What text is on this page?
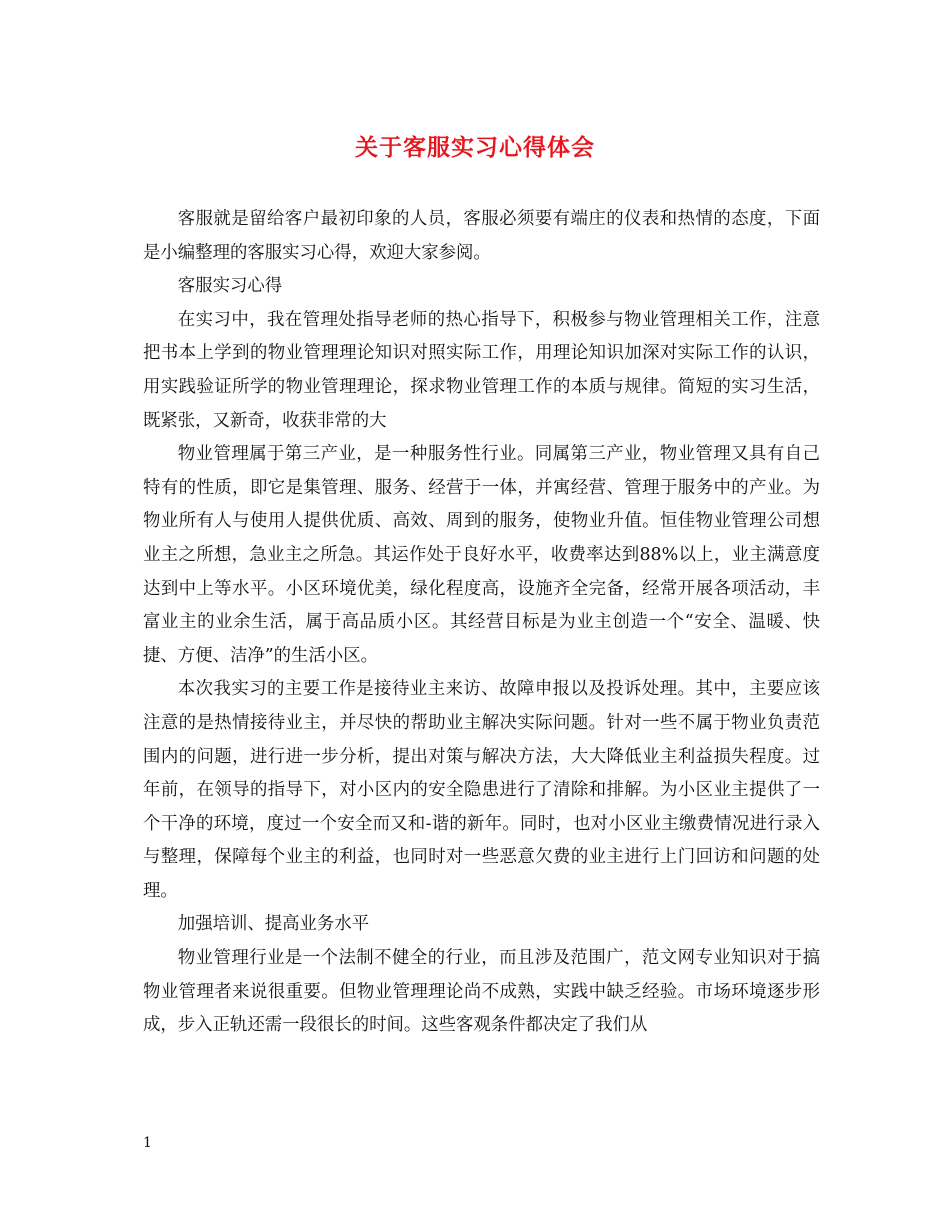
关于客服实习心得体会

客服就是留给客户最初印象的人员，客服必须要有端庄的仪表和热情的态度，下面是小编整理的客服实习心得，欢迎大家参阅。

客服实习心得

在实习中，我在管理处指导老师的热心指导下，积极参与物业管理相关工作，注意把书本上学到的物业管理理论知识对照实际工作，用理论知识加深对实际工作的认识，用实践验证所学的物业管理理论，探求物业管理工作的本质与规律。简短的实习生活，既紧张，又新奇，收获非常的大

物业管理属于第三产业，是一种服务性行业。同属第三产业，物业管理又具有自己特有的性质，即它是集管理、服务、经营于一体，并寓经营、管理于服务中的产业。为物业所有人与使用人提供优质、高效、周到的服务，使物业升值。恒佳物业管理公司想业主之所想，急业主之所急。其运作处于良好水平，收费率达到88%以上，业主满意度达到中上等水平。小区环境优美，绿化程度高，设施齐全完备，经常开展各项活动，丰富业主的业余生活，属于高品质小区。其经营目标是为业主创造一个“安全、温暖、快捷、方便、洁净”的生活小区。

本次我实习的主要工作是接待业主来访、故障申报以及投诉处理。其中，主要应该注意的是热情接待业主，并尽快的帮助业主解决实际问题。针对一些不属于物业负责范围内的问题，进行进一步分析，提出对策与解决方法，大大降低业主利益损失程度。过年前，在领导的指导下，对小区内的安全隐患进行了清除和排解。为小区业主提供了一个干净的环境，度过一个安全而又和-谐的新年。同时，也对小区业主缴费情况进行录入与整理，保障每个业主的利益，也同时对一些恶意欠费的业主进行上门回访和问题的处理。

加强培训、提高业务水平

物业管理行业是一个法制不健全的行业，而且涉及范围广，范文网专业知识对于搞物业管理者来说很重要。但物业管理理论尚不成熟，实践中缺乏经验。市场环境逐步形成，步入正轨还需一段很长的时间。这些客观条件都决定了我们从

1
